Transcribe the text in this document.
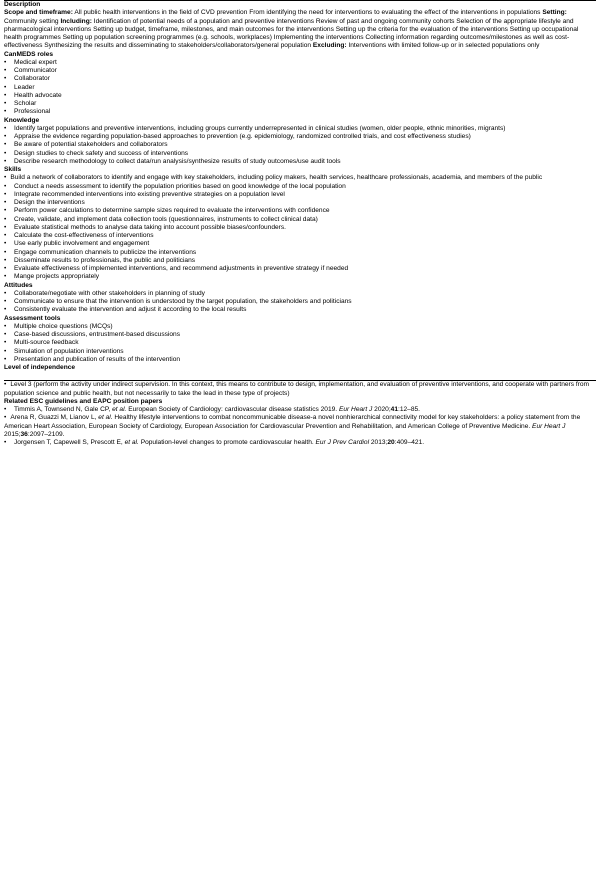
Description
Scope and timeframe: All public health interventions in the field of CVD prevention From identifying the need for interventions to evaluating the effect of the interventions in populations Setting: Community setting Including: Identification of potential needs of a population and preventive interventions Review of past and ongoing community cohorts Selection of the appropriate lifestyle and pharmacological interventions Setting up budget, timeframe, milestones, and main outcomes for the interventions Setting up the criteria for the evaluation of the interventions Setting up occupational health programmes Setting up population screening programmes (e.g. schools, workplaces) Implementing the interventions Collecting information regarding outcomes/milestones as well as cost-effectiveness Synthesizing the results and disseminating to stakeholders/collaborators/general population Excluding: Interventions with limited follow-up or in selected populations only
CanMEDS roles
• Medical expert
• Communicator
• Collaborator
• Leader
• Health advocate
• Scholar
• Professional
Knowledge
• Identify target populations and preventive interventions, including groups currently underrepresented in clinical studies (women, older people, ethnic minorities, migrants)
• Appraise the evidence regarding population-based approaches to prevention (e.g. epidemiology, randomized controlled trials, and cost effectiveness studies)
• Be aware of potential stakeholders and collaborators
• Design studies to check safety and success of interventions
• Describe research methodology to collect data/run analysis/synthesize results of study outcomes/use audit tools
Skills
• Build a network of collaborators to identify and engage with key stakeholders, including policy makers, health services, healthcare professionals, academia, and members of the public
• Conduct a needs assessment to identify the population priorities based on good knowledge of the local population
• Integrate recommended interventions into existing preventive strategies on a population level
• Design the interventions
• Perform power calculations to determine sample sizes required to evaluate the interventions with confidence
• Create, validate, and implement data collection tools (questionnaires, instruments to collect clinical data)
• Evaluate statistical methods to analyse data taking into account possible biases/confounders.
• Calculate the cost-effectiveness of interventions
• Use early public involvement and engagement
• Engage communication channels to publicize the interventions
• Disseminate results to professionals, the public and politicians
• Evaluate effectiveness of implemented interventions, and recommend adjustments in preventive strategy if needed
• Mange projects appropriately
Attitudes
• Collaborate/negotiate with other stakeholders in planning of study
• Communicate to ensure that the intervention is understood by the target population, the stakeholders and politicians
• Consistently evaluate the intervention and adjust it according to the local results
Assessment tools
• Multiple choice questions (MCQs)
• Case-based discussions, entrustment-based discussions
• Multi-source feedback
• Simulation of population interventions
• Presentation and publication of results of the intervention
Level of independence
• Level 3 (perform the activity under indirect supervision. In this context, this means to contribute to design, implementation, and evaluation of preventive interventions, and cooperate with partners from population science and public health, but not necessarily to take the lead in these type of projects)
Related ESC guidelines and EAPC position papers
• Timmis A, Townsend N, Gale CP, et al. European Society of Cardiology: cardiovascular disease statistics 2019. Eur Heart J 2020;41:12–85.
• Arena R, Guazzi M, Lianov L, et al. Healthy lifestyle interventions to combat noncommunicable disease-a novel nonhierarchical connectivity model for key stakeholders: a policy statement from the American Heart Association, European Society of Cardiology, European Association for Cardiovascular Prevention and Rehabilitation, and American College of Preventive Medicine. Eur Heart J 2015;36:2097–2109.
• Jorgensen T, Capewell S, Prescott E, et al. Population-level changes to promote cardiovascular health. Eur J Prev Cardiol 2013;20:409–421.
